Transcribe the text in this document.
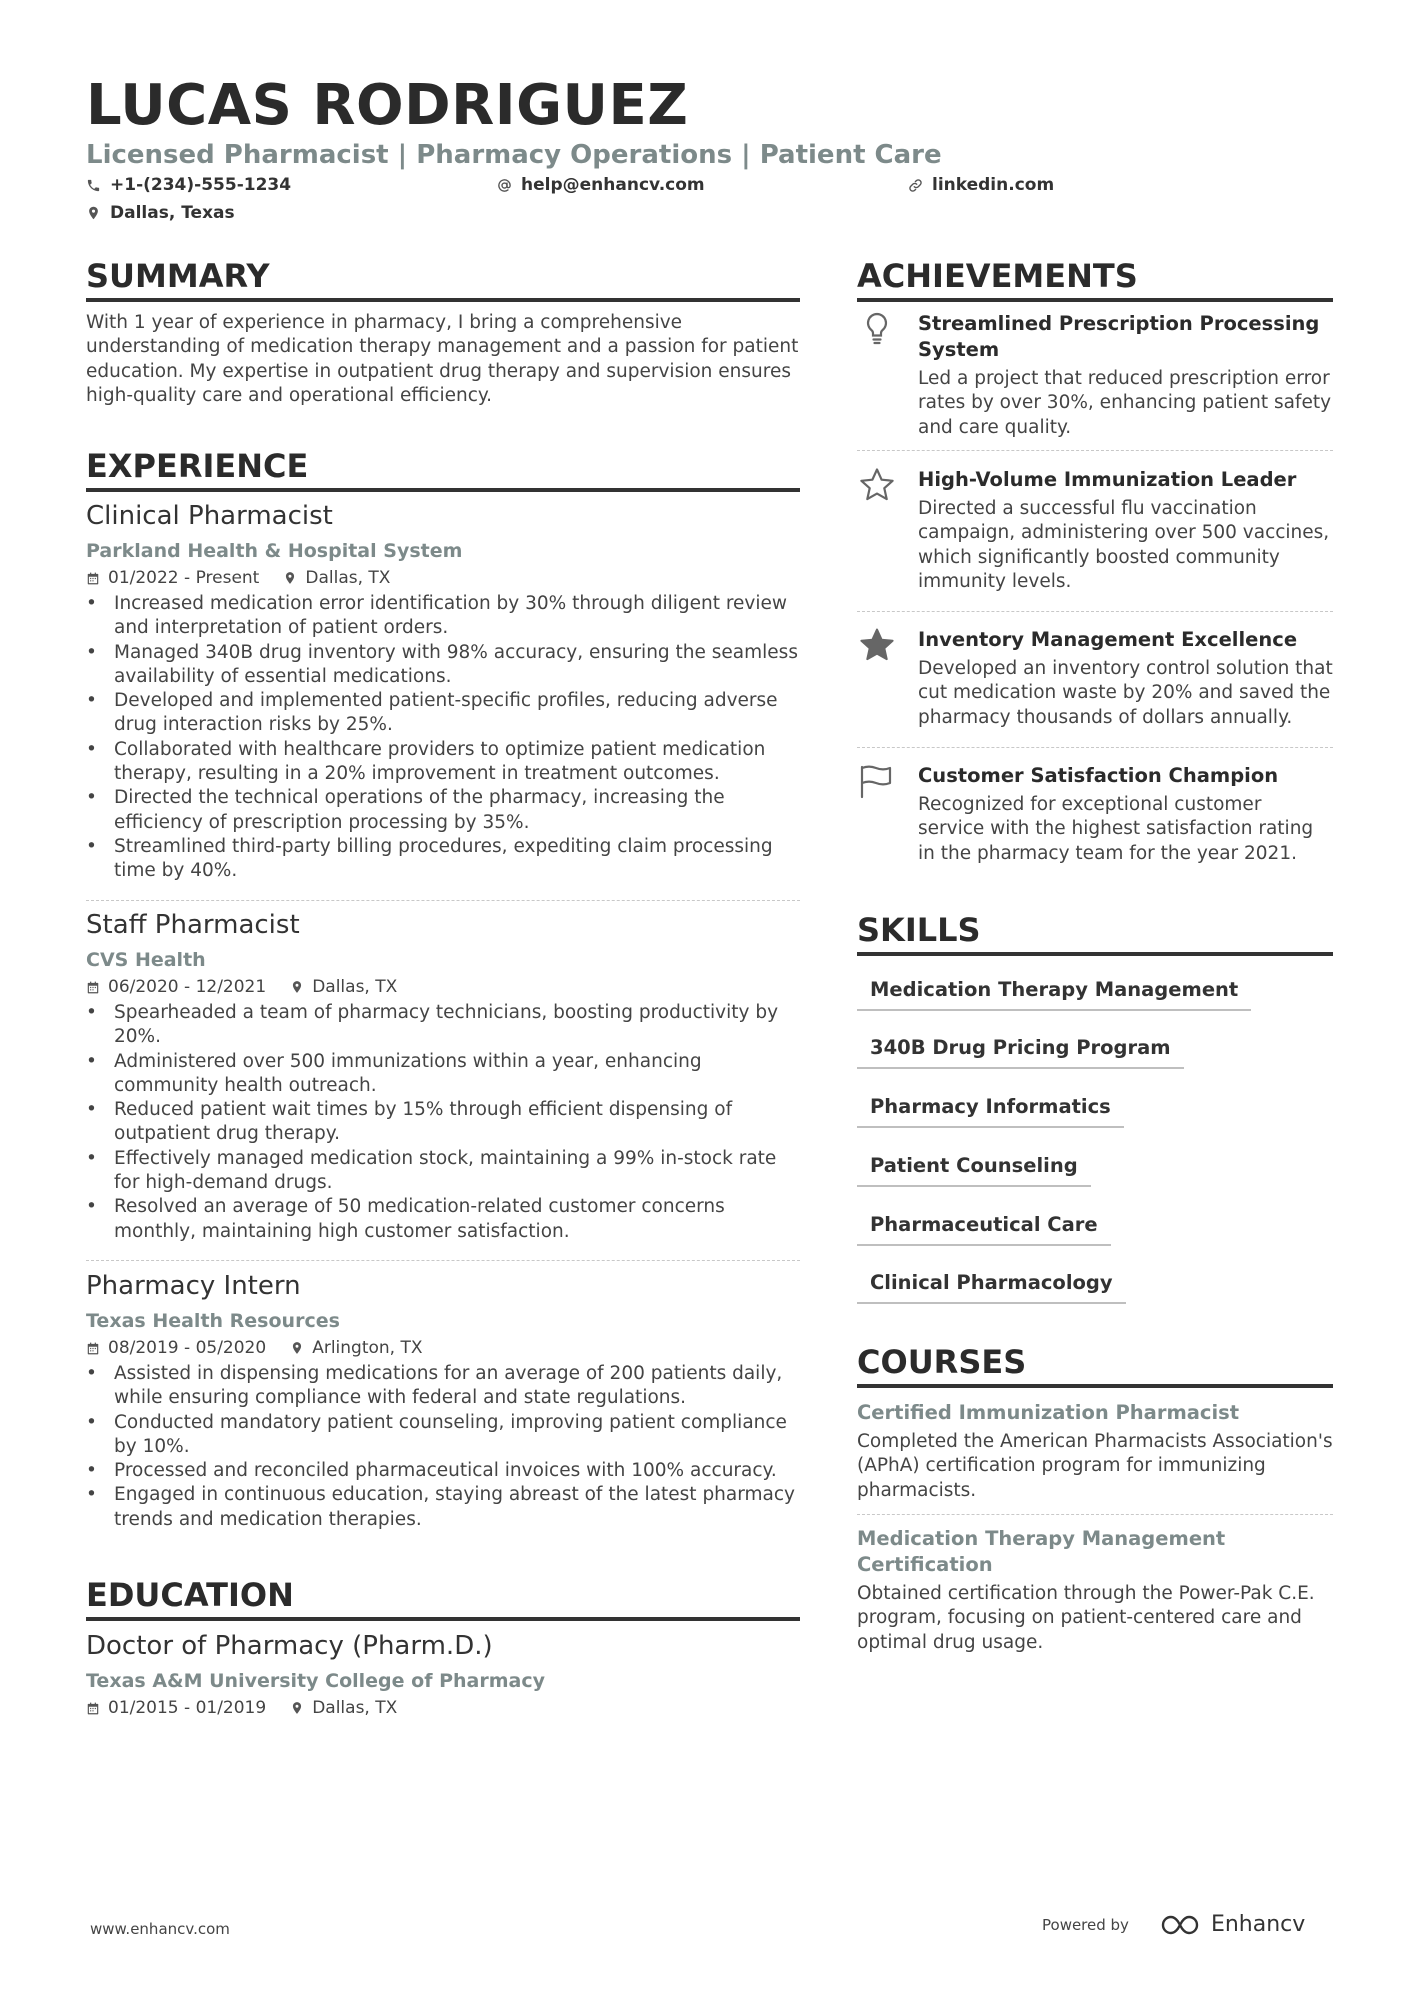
LUCAS RODRIGUEZ
Licensed Pharmacist | Pharmacy Operations | Patient Care
+1-(234)-555-1234	help@enhancv.com	linkedin.com
Dallas, Texas
SUMMARY
With 1 year of experience in pharmacy, I bring a comprehensive understanding of medication therapy management and a passion for patient education. My expertise in outpatient drug therapy and supervision ensures high-quality care and operational efficiency.
EXPERIENCE
Clinical Pharmacist
Parkland Health & Hospital System
01/2022 - Present	Dallas, TX
• Increased medication error identification by 30% through diligent review and interpretation of patient orders.
• Managed 340B drug inventory with 98% accuracy, ensuring the seamless availability of essential medications.
• Developed and implemented patient-specific profiles, reducing adverse drug interaction risks by 25%.
• Collaborated with healthcare providers to optimize patient medication therapy, resulting in a 20% improvement in treatment outcomes.
• Directed the technical operations of the pharmacy, increasing the efficiency of prescription processing by 35%.
• Streamlined third-party billing procedures, expediting claim processing time by 40%.
Staff Pharmacist
CVS Health
06/2020 - 12/2021	Dallas, TX
• Spearheaded a team of pharmacy technicians, boosting productivity by 20%.
• Administered over 500 immunizations within a year, enhancing community health outreach.
• Reduced patient wait times by 15% through efficient dispensing of outpatient drug therapy.
• Effectively managed medication stock, maintaining a 99% in-stock rate for high-demand drugs.
• Resolved an average of 50 medication-related customer concerns monthly, maintaining high customer satisfaction.
Pharmacy Intern
Texas Health Resources
08/2019 - 05/2020	Arlington, TX
• Assisted in dispensing medications for an average of 200 patients daily, while ensuring compliance with federal and state regulations.
• Conducted mandatory patient counseling, improving patient compliance by 10%.
• Processed and reconciled pharmaceutical invoices with 100% accuracy.
• Engaged in continuous education, staying abreast of the latest pharmacy trends and medication therapies.
EDUCATION
Doctor of Pharmacy (Pharm.D.)
Texas A&M University College of Pharmacy
01/2015 - 01/2019	Dallas, TX
ACHIEVEMENTS
Streamlined Prescription Processing System
Led a project that reduced prescription error rates by over 30%, enhancing patient safety and care quality.
High-Volume Immunization Leader
Directed a successful flu vaccination campaign, administering over 500 vaccines, which significantly boosted community immunity levels.
Inventory Management Excellence
Developed an inventory control solution that cut medication waste by 20% and saved the pharmacy thousands of dollars annually.
Customer Satisfaction Champion
Recognized for exceptional customer service with the highest satisfaction rating in the pharmacy team for the year 2021.
SKILLS
Medication Therapy Management
340B Drug Pricing Program
Pharmacy Informatics
Patient Counseling
Pharmaceutical Care
Clinical Pharmacology
COURSES
Certified Immunization Pharmacist
Completed the American Pharmacists Association's (APhA) certification program for immunizing pharmacists.
Medication Therapy Management Certification
Obtained certification through the Power-Pak C.E. program, focusing on patient-centered care and optimal drug usage.
www.enhancv.com	Powered by	Enhancv
